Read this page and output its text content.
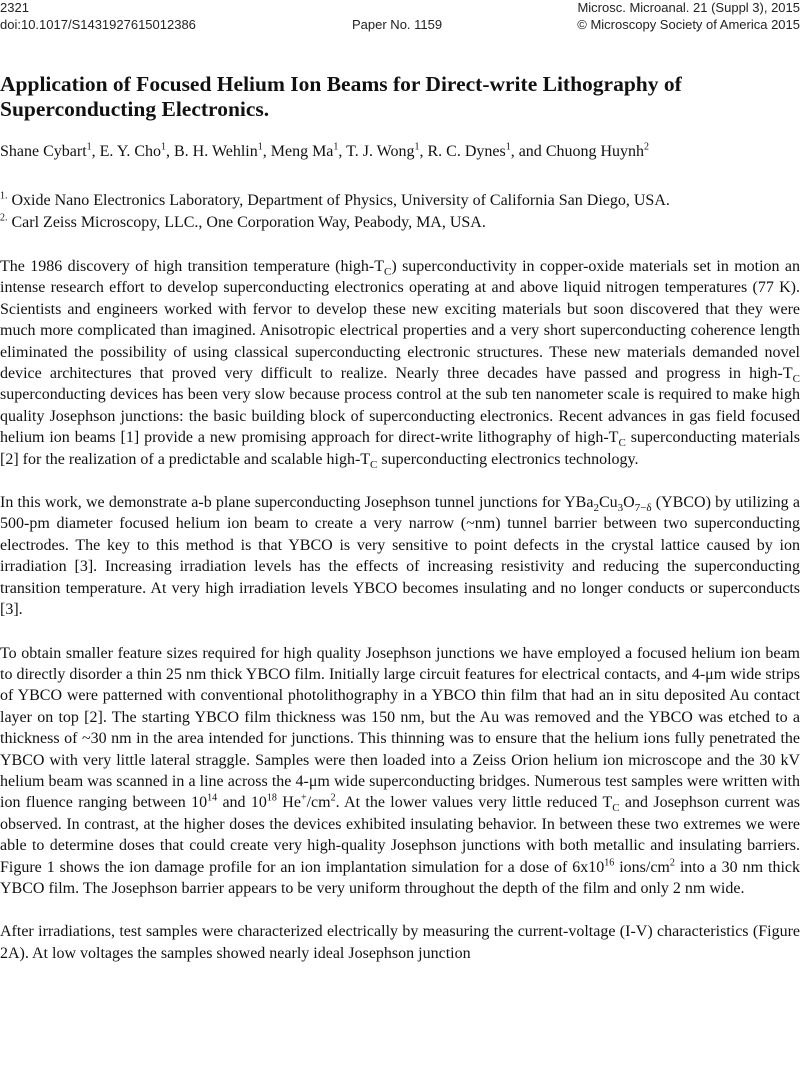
2321	Microsc. Microanal. 21 (Suppl 3), 2015
doi:10.1017/S1431927615012386	Paper No. 1159	© Microscopy Society of America 2015
Application of Focused Helium Ion Beams for Direct-write Lithography of Superconducting Electronics.
Shane Cybart$^1$, E. Y. Cho$^1$, B. H. Wehlin$^1$, Meng Ma$^1$, T. J. Wong$^1$, R. C. Dynes$^1$, and Chuong Huynh$^2$
$^{1.}$ Oxide Nano Electronics Laboratory, Department of Physics, University of California San Diego, USA.
$^{2.}$ Carl Zeiss Microscopy, LLC., One Corporation Way, Peabody, MA, USA.

The 1986 discovery of high transition temperature $(high-T_C)$ superconductivity in copper-oxide materials set in motion an intense research effort to develop superconducting electronics operating at and above liquid nitrogen temperatures (77 K). Scientists and engineers worked with fervor to develop these new exciting materials but soon discovered that they were much more complicated than imagined. Anisotropic electrical properties and a very short superconducting coherence length eliminated the possibility of using classical superconducting electronic structures. These new materials demanded novel device architectures that proved very difficult to realize. Nearly three decades have passed and progress in high-$T_C$ superconducting devices has been very slow because process control at the sub ten nanometer scale is required to make high quality Josephson junctions: the basic building block of superconducting electronics. Recent advances in gas field focused helium ion beams [1] provide a new promising approach for direct-write lithography of high-$T_C$ superconducting materials [2] for the realization of a predictable and scalable high-$T_C$ superconducting electronics technology.

In this work, we demonstrate a-b plane superconducting Josephson tunnel junctions for $YBa_2Cu_3O_{7-\delta}$ (YBCO) by utilizing a 500-pm diameter focused helium ion beam to create a very narrow (~nm) tunnel barrier between two superconducting electrodes. The key to this method is that YBCO is very sensitive to point defects in the crystal lattice caused by ion irradiation [3]. Increasing irradiation levels has the effects of increasing resistivity and reducing the superconducting transition temperature. At very high irradiation levels YBCO becomes insulating and no longer conducts or superconducts [3].

To obtain smaller feature sizes required for high quality Josephson junctions we have employed a focused helium ion beam to directly disorder a thin 25 nm thick YBCO film. Initially large circuit features for electrical contacts, and 4-μm wide strips of YBCO were patterned with conventional photolithography in a YBCO thin film that had an in situ deposited Au contact layer on top [2]. The starting YBCO film thickness was 150 nm, but the Au was removed and the YBCO was etched to a thickness of ~30 nm in the area intended for junctions. This thinning was to ensure that the helium ions fully penetrated the YBCO with very little lateral straggle. Samples were then loaded into a Zeiss Orion helium ion microscope and the 30 kV helium beam was scanned in a line across the 4-μm wide superconducting bridges. Numerous test samples were written with ion fluence ranging between $10^{14}$ and $10^{18}$ $He^+/cm^2$. At the lower values very little reduced $T_C$ and Josephson current was observed. In contrast, at the higher doses the devices exhibited insulating behavior. In between these two extremes we were able to determine doses that could create very high-quality Josephson junctions with both metallic and insulating barriers. Figure 1 shows the ion damage profile for an ion implantation simulation for a dose of $6x10^{16}$ ions/$cm^2$ into a 30 nm thick YBCO film. The Josephson barrier appears to be very uniform throughout the depth of the film and only 2 nm wide.

After irradiations, test samples were characterized electrically by measuring the current-voltage (I-V) characteristics (Figure 2A). At low voltages the samples showed nearly ideal Josephson junction
